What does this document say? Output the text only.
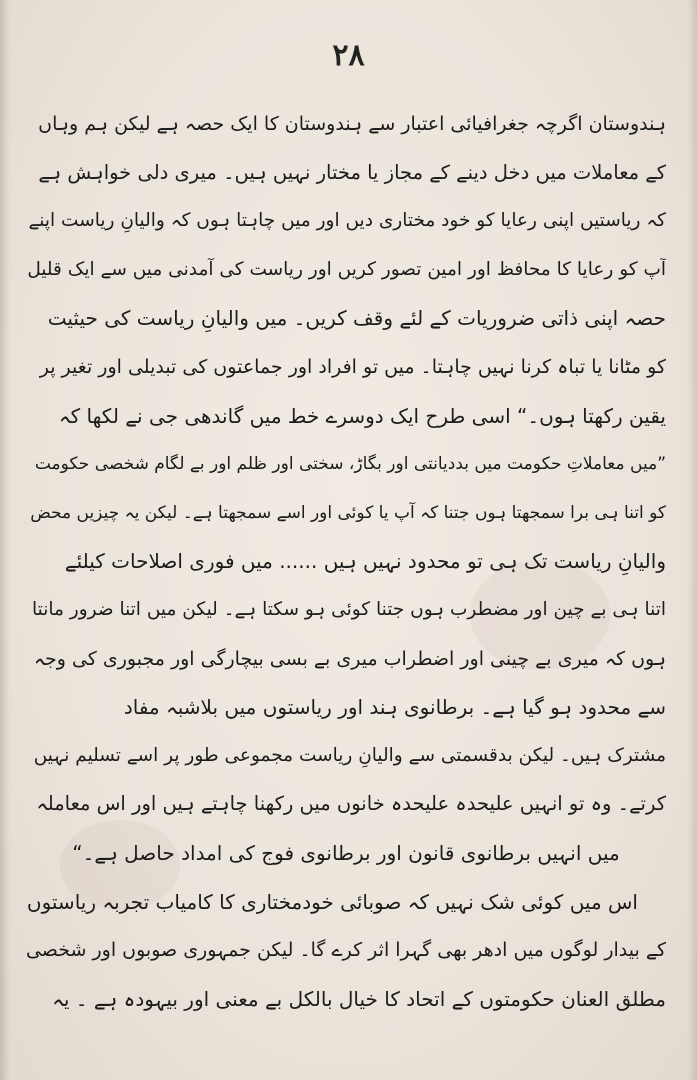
۲۸
ہندوستان اگرچہ جغرافیائی اعتبار سے ہندوستان کا ایک حصہ ہے لیکن ہم وہاں
کے معاملات میں دخل دینے کے مجاز یا مختار نہیں ہیں۔ میری دلی خواہش ہے
کہ ریاستیں اپنی رعایا کو خود مختاری دیں اور میں چاہتا ہوں کہ والیانِ ریاست اپنے
آپ کو رعایا کا محافظ اور امین تصور کریں اور ریاست کی آمدنی میں سے ایک قلیل
حصہ اپنی ذاتی ضروریات کے لئے وقف کریں۔ میں والیانِ ریاست کی حیثیت
کو مٹانا یا تباہ کرنا نہیں چاہتا۔ میں تو افراد اور جماعتوں کی تبدیلی اور تغیر پر
یقین رکھتا ہوں۔“ اسی طرح ایک دوسرے خط میں گاندھی جی نے لکھا کہ
”میں معاملاتِ حکومت میں بددیانتی اور بگاڑ، سختی اور ظلم اور بے لگام شخصی حکومت
کو اتنا ہی برا سمجھتا ہوں جتنا کہ آپ یا کوئی اور اسے سمجھتا ہے۔ لیکن یہ چیزیں محض
والیانِ ریاست تک ہی تو محدود نہیں ہیں ...... میں فوری اصلاحات کیلئے
اتنا ہی بے چین اور مضطرب ہوں جتنا کوئی ہو سکتا ہے۔ لیکن میں اتنا ضرور مانتا
ہوں کہ میری بے چینی اور اضطراب میری بے بسی بیچارگی اور مجبوری کی وجہ
سے محدود ہو گیا ہے۔ برطانوی ہند اور ریاستوں میں بلاشبہ مفاد
مشترک ہیں۔ لیکن بدقسمتی سے والیانِ ریاست مجموعی طور پر اسے تسلیم نہیں
کرتے۔ وہ تو انہیں علیحدہ علیحدہ خانوں میں رکھنا چاہتے ہیں اور اس معاملہ
میں انہیں برطانوی قانون اور برطانوی فوج کی امداد حاصل ہے۔“
اس میں کوئی شک نہیں کہ صوبائی خودمختاری کا کامیاب تجربہ ریاستوں
کے بیدار لوگوں میں ادھر بھی گہرا اثر کرے گا۔ لیکن جمہوری صوبوں اور شخصی
مطلق العنان حکومتوں کے اتحاد کا خیال بالکل بے معنی اور بیہودہ ہے ۔ یہ
